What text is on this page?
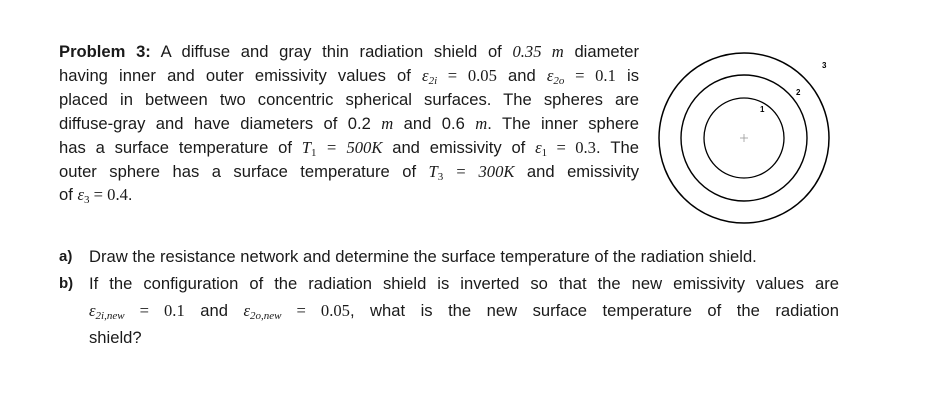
Problem 3: A diffuse and gray thin radiation shield of 0.35 m diameter
having inner and outer emissivity values of $\varepsilon_{2i} = 0.05$ and $\varepsilon_{2o} = 0.1$ is
placed in between two concentric spherical surfaces. The spheres are
diffuse-gray and have diameters of 0.2 m and 0.6 m. The inner sphere
has a surface temperature of $T_1 = 500K$ and emissivity of $\varepsilon_1 = 0.3$. The
outer sphere has a surface temperature of $T_3 = 300K$ and emissivity
of $\varepsilon_3 = 0.4$.
1
2
3
a) Draw the resistance network and determine the surface temperature of the radiation shield.
b) If the configuration of the radiation shield is inverted so that the new emissivity values are
$\varepsilon_{2i,new} = 0.1$ and $\varepsilon_{2o,new} = 0.05$, what is the new surface temperature of the radiation
shield?
